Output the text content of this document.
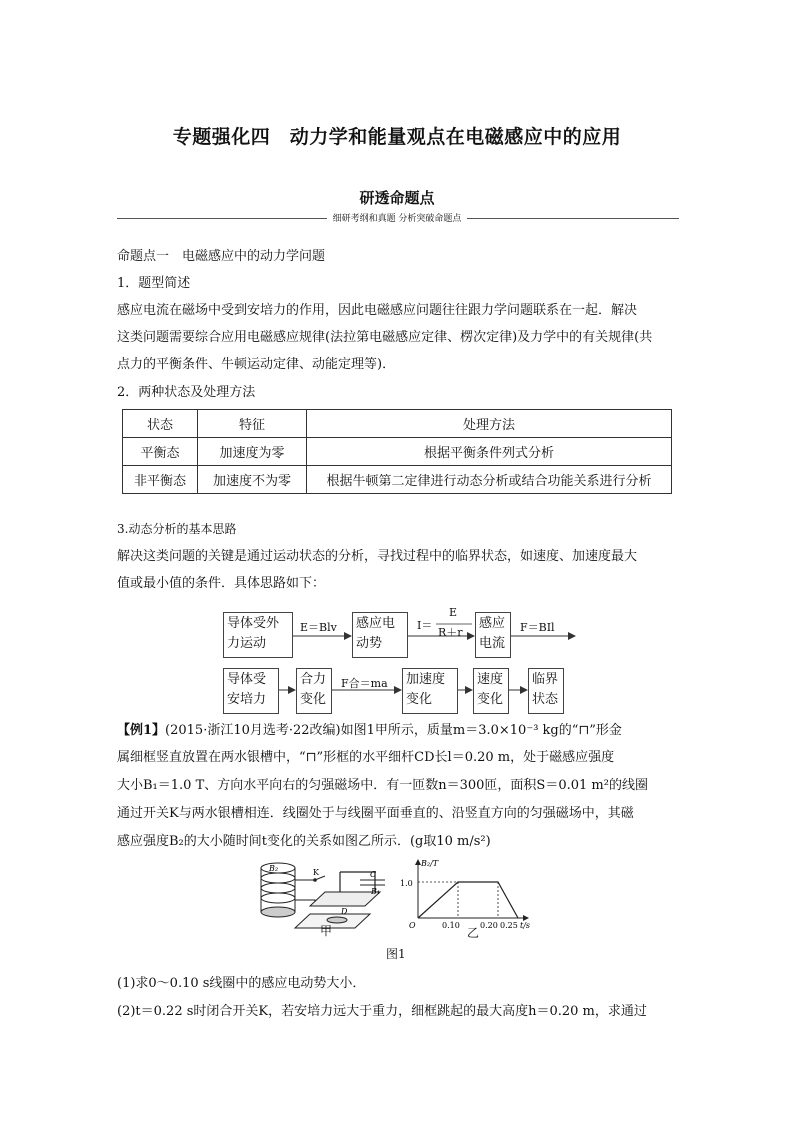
专题强化四　动力学和能量观点在电磁感应中的应用
研透命题点
细研考纲和真题 分析突破命题点
命题点一　电磁感应中的动力学问题
1．题型简述
感应电流在磁场中受到安培力的作用，因此电磁感应问题往往跟力学问题联系在一起．解决
这类问题需要综合应用电磁感应规律(法拉第电磁感应定律、楞次定律)及力学中的有关规律(共
点力的平衡条件、牛顿运动定律、动能定理等)．
2．两种状态及处理方法
状态	特征	处理方法
平衡态	加速度为零	根据平衡条件列式分析
非平衡态	加速度不为零	根据牛顿第二定律进行动态分析或结合功能关系进行分析
3.动态分析的基本思路
解决这类问题的关键是通过运动状态的分析，寻找过程中的临界状态，如速度、加速度最大
值或最小值的条件．具体思路如下：
导体受外
力运动
感应电
动势
感应
电流
导体受
安培力
合力
变化
加速度
变化
速度
变化
临界
状态
E＝Blv	I＝
E
R＋r	F＝BIl
F合＝ma
【例1】(2015·浙江10月选考·22改编)如图1甲所示，质量m＝3.0×10⁻³ kg的“⊓”形金
属细框竖直放置在两水银槽中，“⊓”形框的水平细杆CD长l＝0.20 m，处于磁感应强度
大小B₁＝1.0 T、方向水平向右的匀强磁场中．有一匝数n＝300匝，面积S＝0.01 m²的线圈
通过开关K与两水银槽相连．线圈处于与线圈平面垂直的、沿竖直方向的匀强磁场中，其磁
感应强度B₂的大小随时间t变化的关系如图乙所示．(g取10 m/s²)
B₂	K	C
B₁
D
甲
B₂/T
1.0
O	0.10	0.20 0.25 t/s
乙
图1
(1)求0～0.10 s线圈中的感应电动势大小．
(2)t＝0.22 s时闭合开关K，若安培力远大于重力，细框跳起的最大高度h＝0.20 m，求通过
